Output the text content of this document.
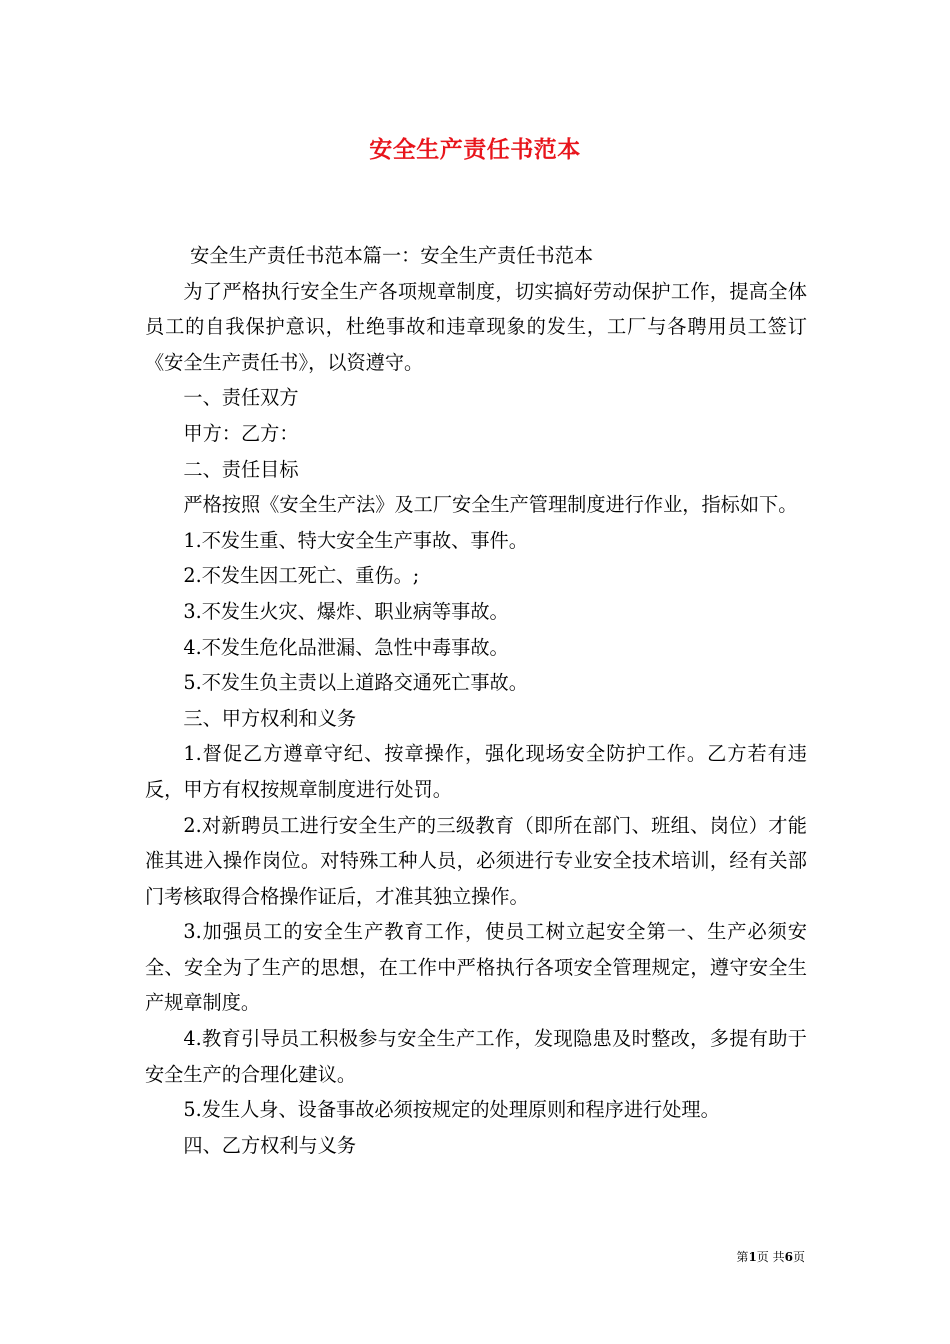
安全生产责任书范本

安全生产责任书范本篇一：安全生产责任书范本

为了严格执行安全生产各项规章制度，切实搞好劳动保护工作，提高全体员工的自我保护意识，杜绝事故和违章现象的发生，工厂与各聘用员工签订《安全生产责任书》，以资遵守。

一、责任双方

甲方：乙方：

二、责任目标

严格按照《安全生产法》及工厂安全生产管理制度进行作业，指标如下。

1.不发生重、特大安全生产事故、事件。

2.不发生因工死亡、重伤。;

3.不发生火灾、爆炸、职业病等事故。

4.不发生危化品泄漏、急性中毒事故。

5.不发生负主责以上道路交通死亡事故。

三、甲方权利和义务

1.督促乙方遵章守纪、按章操作，强化现场安全防护工作。乙方若有违反，甲方有权按规章制度进行处罚。

2.对新聘员工进行安全生产的三级教育（即所在部门、班组、岗位）才能准其进入操作岗位。对特殊工种人员，必须进行专业安全技术培训，经有关部门考核取得合格操作证后，才准其独立操作。

3.加强员工的安全生产教育工作，使员工树立起安全第一、生产必须安全、安全为了生产的思想，在工作中严格执行各项安全管理规定，遵守安全生产规章制度。

4.教育引导员工积极参与安全生产工作，发现隐患及时整改，多提有助于安全生产的合理化建议。

5.发生人身、设备事故必须按规定的处理原则和程序进行处理。

四、乙方权利与义务

第1页 共6页
